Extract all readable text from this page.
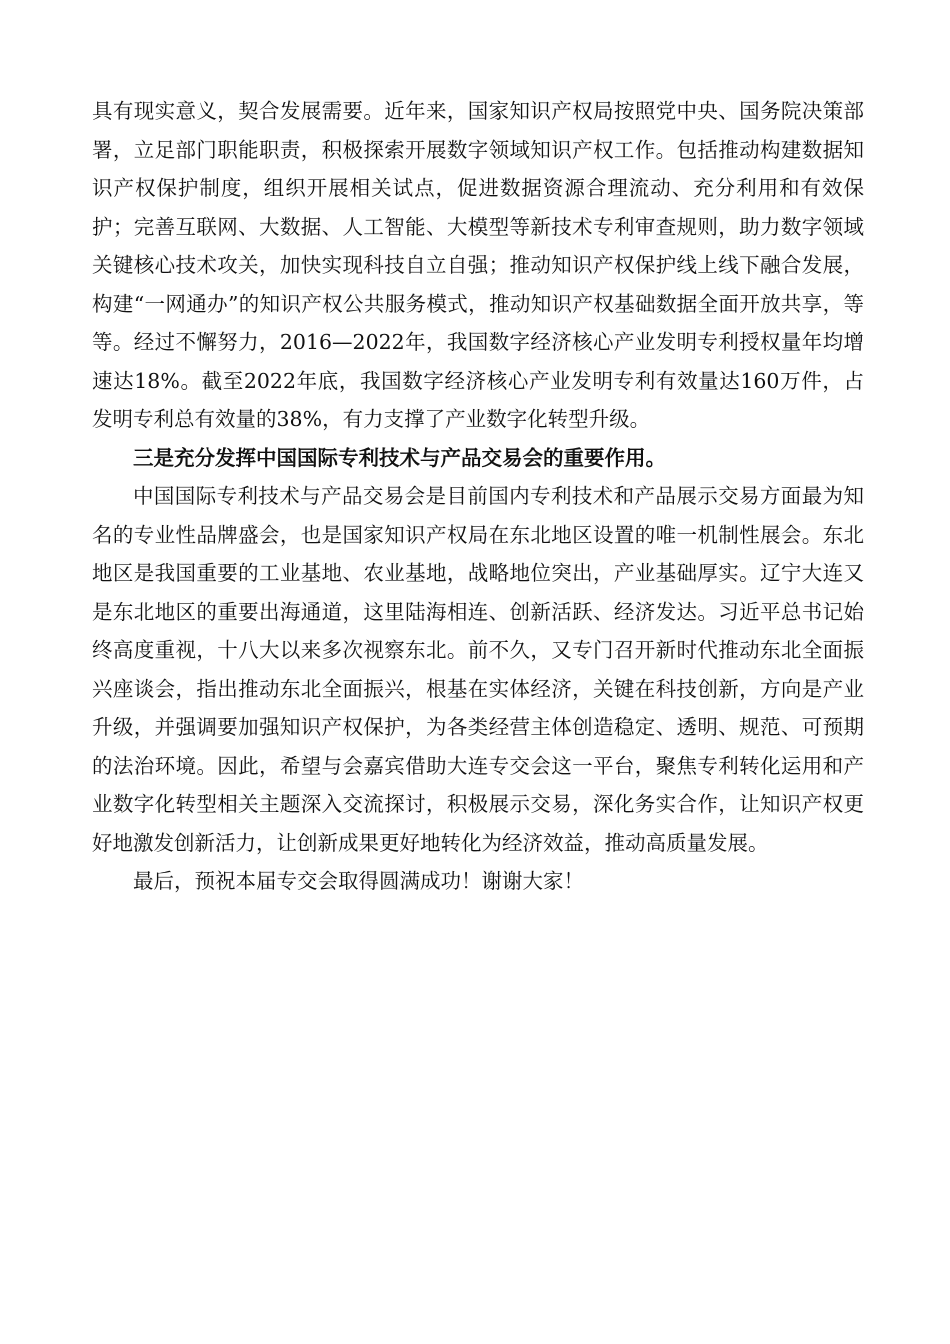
具有现实意义，契合发展需要。近年来，国家知识产权局按照党中央、国务院决策部署，立足部门职能职责，积极探索开展数字领域知识产权工作。包括推动构建数据知识产权保护制度，组织开展相关试点，促进数据资源合理流动、充分利用和有效保护；完善互联网、大数据、人工智能、大模型等新技术专利审查规则，助力数字领域关键核心技术攻关，加快实现科技自立自强；推动知识产权保护线上线下融合发展，构建“一网通办”的知识产权公共服务模式，推动知识产权基础数据全面开放共享，等等。经过不懈努力，2016—2022年，我国数字经济核心产业发明专利授权量年均增速达18%。截至2022年底，我国数字经济核心产业发明专利有效量达160万件，占发明专利总有效量的38%，有力支撑了产业数字化转型升级。

三是充分发挥中国国际专利技术与产品交易会的重要作用。

中国国际专利技术与产品交易会是目前国内专利技术和产品展示交易方面最为知名的专业性品牌盛会，也是国家知识产权局在东北地区设置的唯一机制性展会。东北地区是我国重要的工业基地、农业基地，战略地位突出，产业基础厚实。辽宁大连又是东北地区的重要出海通道，这里陆海相连、创新活跃、经济发达。习近平总书记始终高度重视，十八大以来多次视察东北。前不久，又专门召开新时代推动东北全面振兴座谈会，指出推动东北全面振兴，根基在实体经济，关键在科技创新，方向是产业升级，并强调要加强知识产权保护，为各类经营主体创造稳定、透明、规范、可预期的法治环境。因此，希望与会嘉宾借助大连专交会这一平台，聚焦专利转化运用和产业数字化转型相关主题深入交流探讨，积极展示交易，深化务实合作，让知识产权更好地激发创新活力，让创新成果更好地转化为经济效益，推动高质量发展。

最后，预祝本届专交会取得圆满成功！谢谢大家！
